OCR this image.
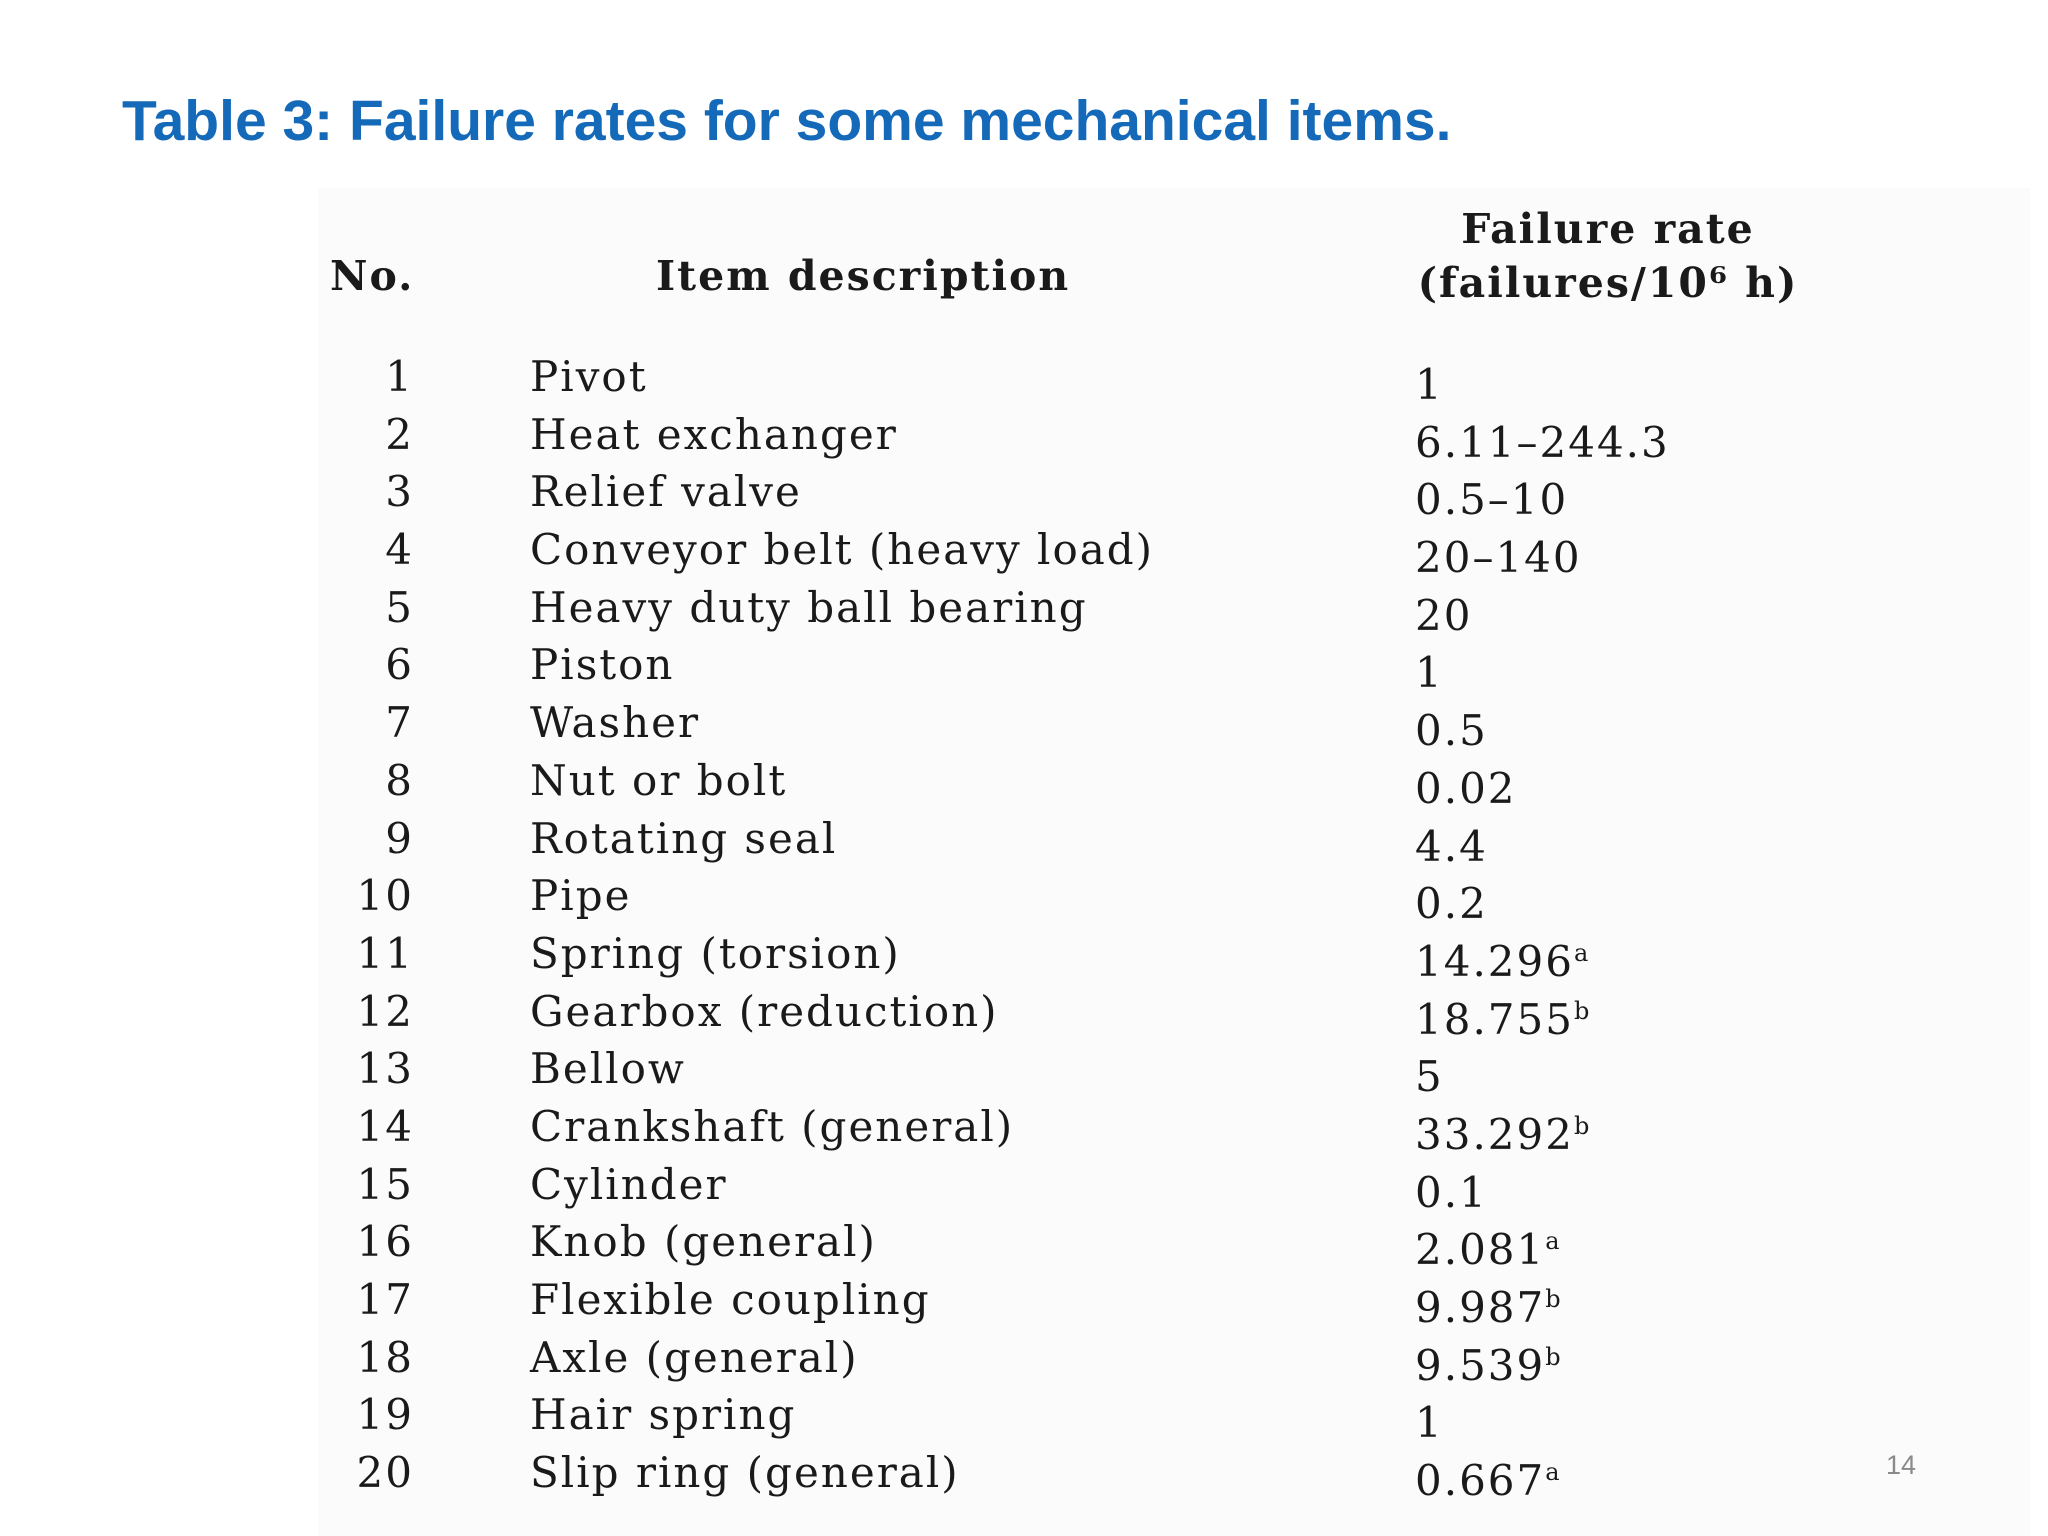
Table 3: Failure rates for some mechanical items.
No.	Item description
Failure rate
(failures/10⁶ h)
1	Pivot	1
2	Heat exchanger	6.11–244.3
3	Relief valve	0.5–10
4	Conveyor belt (heavy load)	20–140
5	Heavy duty ball bearing	20
6	Piston	1
7	Washer	0.5
8	Nut or bolt	0.02
9	Rotating seal	4.4
10	Pipe	0.2
11	Spring (torsion)	14.296$^a$
12	Gearbox (reduction)	18.755$^b$
13	Bellow	5
14	Crankshaft (general)	33.292$^b$
15	Cylinder	0.1
16	Knob (general)	2.081$^a$
17	Flexible coupling	9.987$^b$
18	Axle (general)	9.539$^b$
19	Hair spring	1
20	Slip ring (general)	0.667$^a$	14
